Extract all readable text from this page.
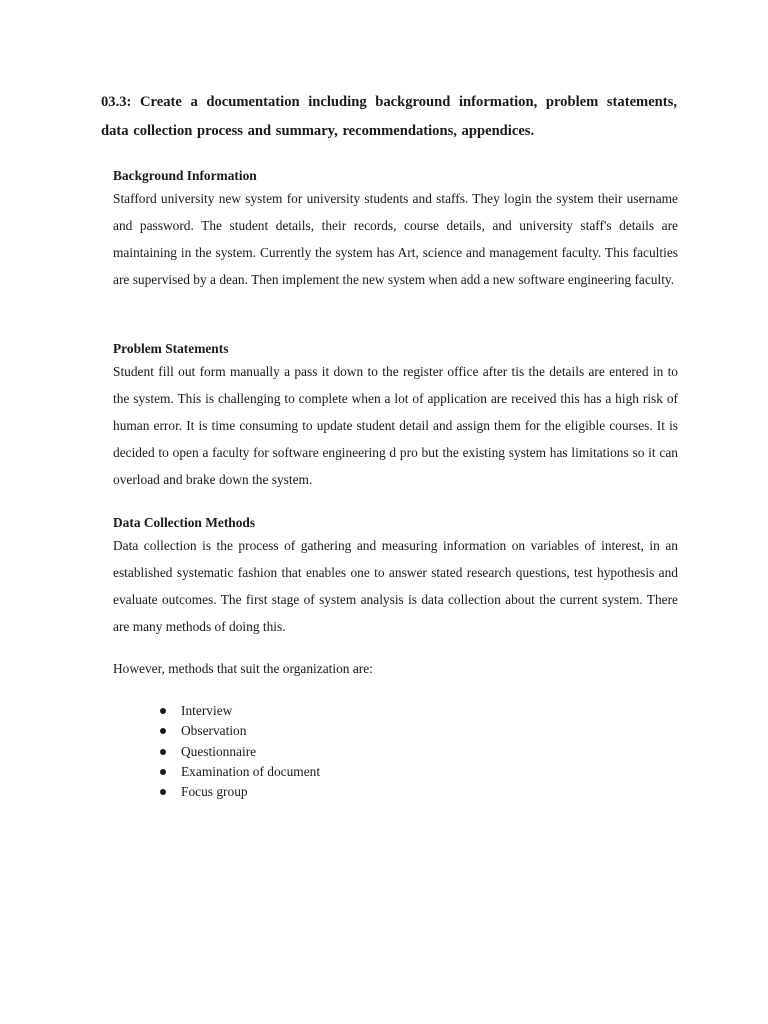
03.3: Create a documentation including background information, problem statements, data collection process and summary, recommendations, appendices.
Background Information

Stafford university new system for university students and staffs. They login the system their username and password. The student details, their records, course details, and university staff's details are maintaining in the system. Currently the system has Art, science and management faculty. This faculties are supervised by a dean. Then implement the new system when add a new software engineering faculty.

Problem Statements

Student fill out form manually a pass it down to the register office after tis the details are entered in to the system. This is challenging to complete when a lot of application are received this has a high risk of human error. It is time consuming to update student detail and assign them for the eligible courses. It is decided to open a faculty for software engineering d pro but the existing system has limitations so it can overload and brake down the system.

Data Collection Methods

Data collection is the process of gathering and measuring information on variables of interest, in an established systematic fashion that enables one to answer stated research questions, test hypothesis and evaluate outcomes. The first stage of system analysis is data collection about the current system. There are many methods of doing this.

However, methods that suit the organization are:

Interview
Observation
Questionnaire
Examination of document
Focus group
